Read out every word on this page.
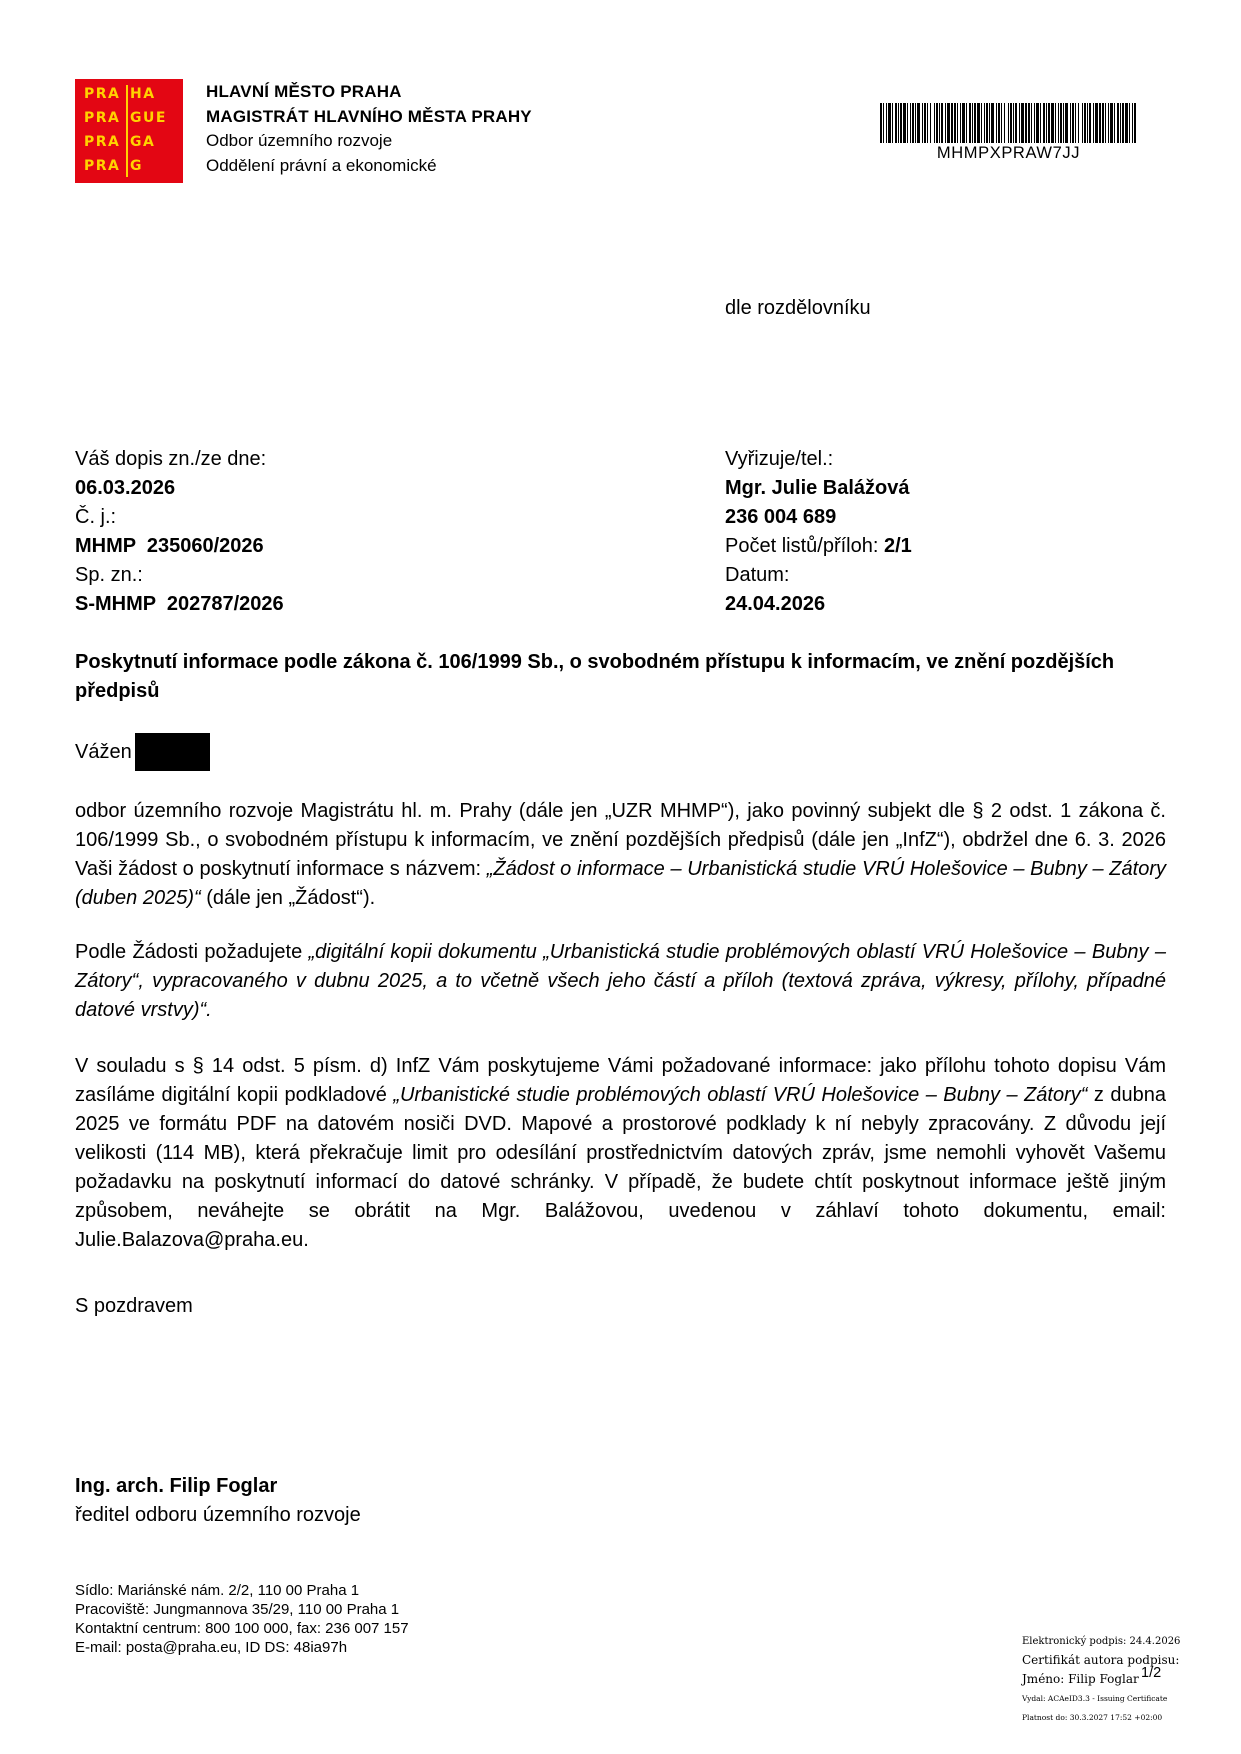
PRA HA
PRA GUE
PRA GA
PRA G
HLAVNÍ MĚSTO PRAHA
MAGISTRÁT HLAVNÍHO MĚSTA PRAHY
Odbor územního rozvoje
Oddělení právní a ekonomické
MHMPXPRAW7JJ
dle rozdělovníku
Váš dopis zn./ze dne:
06.03.2026
Č. j.:
MHMP  235060/2026
Sp. zn.:
S-MHMP  202787/2026
Vyřizuje/tel.:
Mgr. Julie Balážová
236 004 689
Počet listů/příloh: 2/1
Datum:
24.04.2026
Poskytnutí informace podle zákona č. 106/1999 Sb., o svobodném přístupu k informacím, ve znění pozdějších předpisů
Vážen
odbor územního rozvoje Magistrátu hl. m. Prahy (dále jen „UZR MHMP“), jako povinný subjekt dle § 2 odst. 1 zákona č. 106/1999 Sb., o svobodném přístupu k informacím, ve znění pozdějších předpisů (dále jen „InfZ“), obdržel dne 6. 3. 2026 Vaši žádost o poskytnutí informace s názvem: „Žádost o informace – Urbanistická studie VRÚ Holešovice – Bubny – Zátory (duben 2025)“ (dále jen „Žádost“).
Podle Žádosti požadujete „digitální kopii dokumentu „Urbanistická studie problémových oblastí VRÚ Holešovice – Bubny – Zátory“, vypracovaného v dubnu 2025, a to včetně všech jeho částí a příloh (textová zpráva, výkresy, přílohy, případné datové vrstvy)“.
V souladu s § 14 odst. 5 písm. d) InfZ Vám poskytujeme Vámi požadované informace: jako přílohu tohoto dopisu Vám zasíláme digitální kopii podkladové „Urbanistické studie problémových oblastí VRÚ Holešovice – Bubny – Zátory“ z dubna 2025 ve formátu PDF na datovém nosiči DVD. Mapové a prostorové podklady k ní nebyly zpracovány. Z důvodu její velikosti (114 MB), která překračuje limit pro odesílání prostřednictvím datových zpráv, jsme nemohli vyhovět Vašemu požadavku na poskytnutí informací do datové schránky. V případě, že budete chtít poskytnout informace ještě jiným způsobem, neváhejte se obrátit na Mgr. Balážovou, uvedenou v záhlaví tohoto dokumentu, email: Julie.Balazova@praha.eu.
S pozdravem
Ing. arch. Filip Foglar
ředitel odboru územního rozvoje
Sídlo: Mariánské nám. 2/2, 110 00 Praha 1
Pracoviště: Jungmannova 35/29, 110 00 Praha 1
Kontaktní centrum: 800 100 000, fax: 236 007 157
E-mail: posta@praha.eu, ID DS: 48ia97h	Elektronický podpis: 24.4.2026
Certifikát autora podpisu:
Jméno: Filip Foglar
Vydal: ACAeID3.3 - Issuing Certificate
Platnost do: 30.3.2027 17:52 +02:00
1/2
